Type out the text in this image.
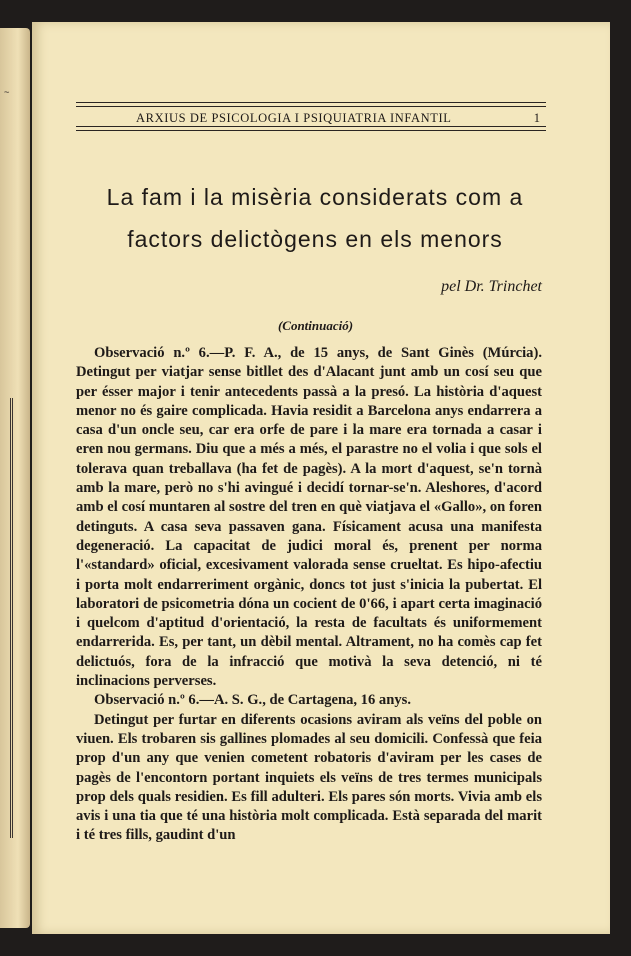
~
ARXIUS DE PSICOLOGIA I PSIQUIATRIA INFANTIL	1
La fam i la misèria considerats com a
factors delictògens en els menors
pel Dr. Trinchet
(Continuació)

Observació n.º 6.—P. F. A., de 15 anys, de Sant Ginès (Múrcia). Detingut per viatjar sense bitllet des d'Alacant junt amb un cosí seu que per ésser major i tenir antecedents passà a la presó. La història d'aquest menor no és gaire complicada. Havia residit a Barcelona anys endarrera a casa d'un oncle seu, car era orfe de pare i la mare era tornada a casar i eren nou germans. Diu que a més a més, el parastre no el volia i que sols el tolerava quan treballava (ha fet de pagès). A la mort d'aquest, se'n tornà amb la mare, però no s'hi avingué i decidí tornar-se'n. Aleshores, d'acord amb el cosí muntaren al sostre del tren en què viatjava el «Gallo», on foren detinguts. A casa seva passaven gana. Físicament acusa una manifesta degeneració. La capacitat de judici moral és, prenent per norma l'«standard» oficial, excesivament valorada sense crueltat. Es hipo-afectiu i porta molt endarreriment orgànic, doncs tot just s'inicia la pubertat. El laboratori de psicometria dóna un cocient de 0'66, i apart certa imaginació i quelcom d'aptitud d'orientació, la resta de facultats és uniformement endarrerida. Es, per tant, un dèbil mental. Altrament, no ha comès cap fet delictuós, fora de la infracció que motivà la seva detenció, ni té inclinacions perverses.

Observació n.º 6.—A. S. G., de Cartagena, 16 anys.

Detingut per furtar en diferents ocasions aviram als veïns del poble on viuen. Els trobaren sis gallines plomades al seu domicili. Confessà que feia prop d'un any que venien cometent robatoris d'aviram per les cases de pagès de l'encontorn portant inquiets els veïns de tres termes municipals prop dels quals residien. Es fill adulteri. Els pares són morts. Vivia amb els avis i una tia que té una història molt complicada. Està separada del marit i té tres fills, gaudint d'un
